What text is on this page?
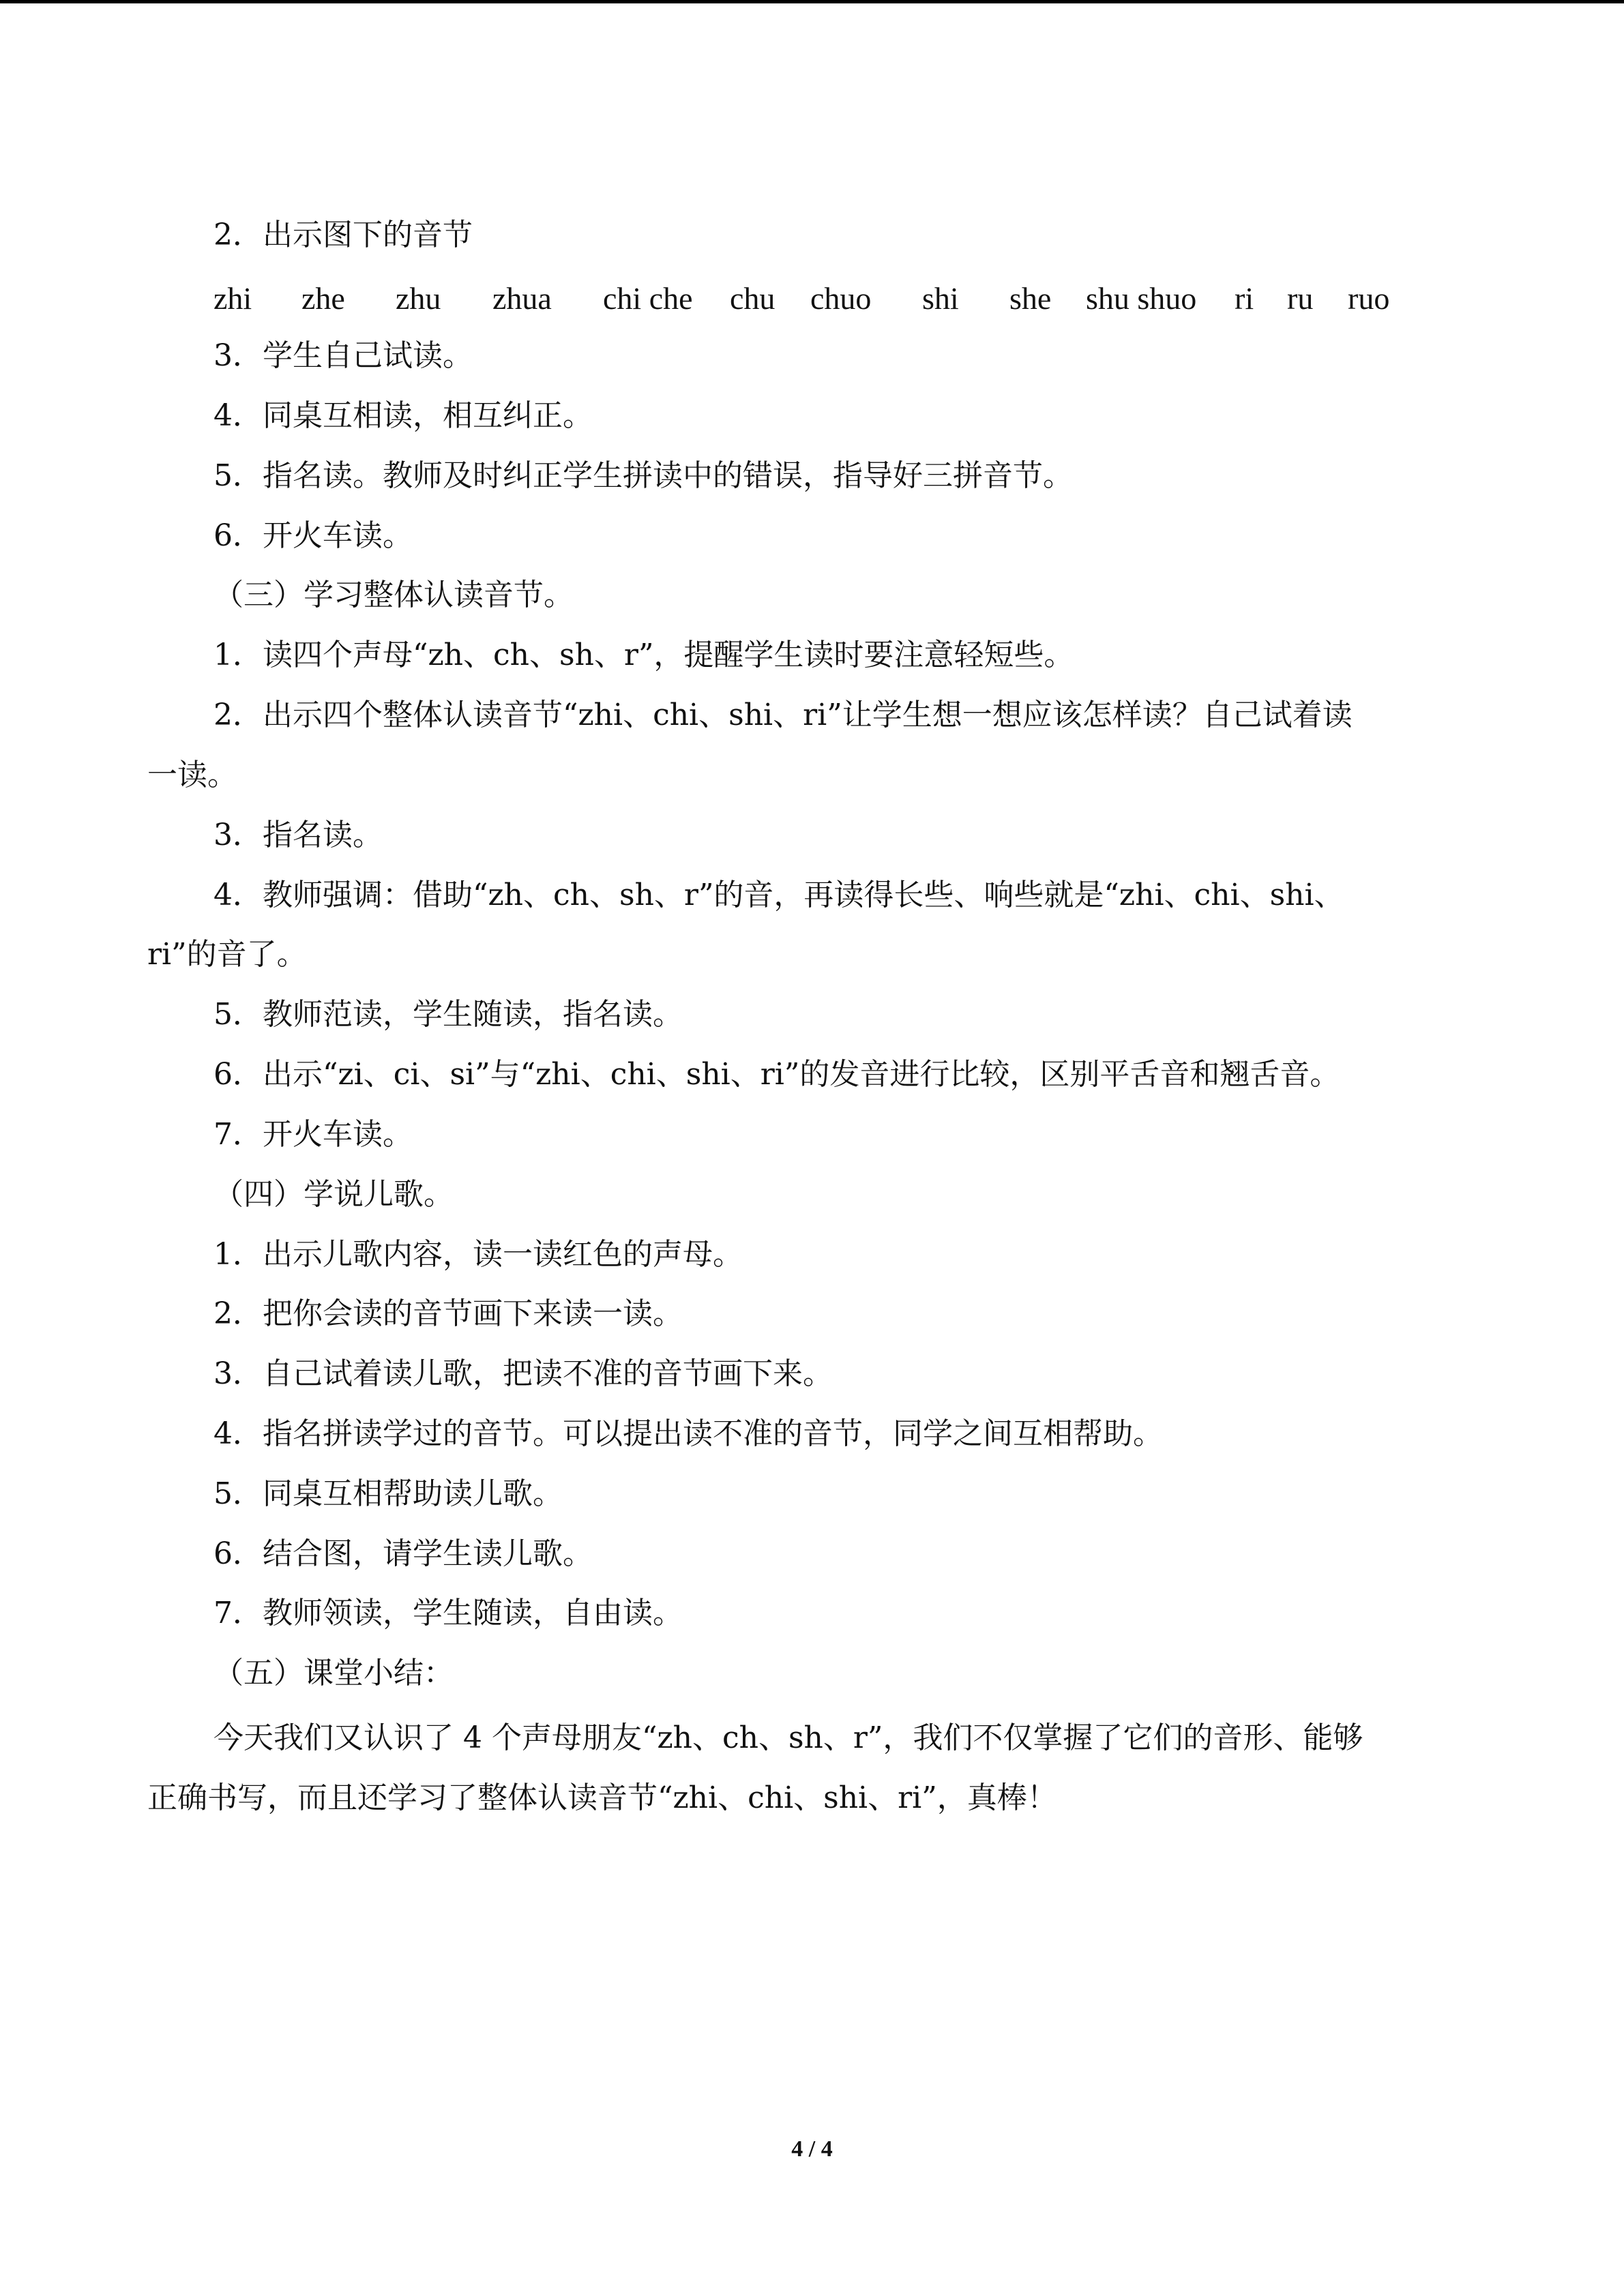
2．出示图下的音节
zhi zhe zhu zhua chi che chu chuo shi she shu shuo ri ru ruo
3．学生自己试读。
4．同桌互相读，相互纠正。
5．指名读。教师及时纠正学生拼读中的错误，指导好三拼音节。
6．开火车读。
（三）学习整体认读音节。
1．读四个声母“zh、ch、sh、r”，提醒学生读时要注意轻短些。
2．出示四个整体认读音节“zhi、chi、shi、ri”让学生想一想应该怎样读？自己试着读
一读。
3．指名读。
4．教师强调：借助“zh、ch、sh、r”的音，再读得长些、响些就是“zhi、chi、shi、
ri”的音了。
5．教师范读，学生随读，指名读。
6．出示“zi、ci、si”与“zhi、chi、shi、ri”的发音进行比较，区别平舌音和翘舌音。
7．开火车读。
（四）学说儿歌。
1．出示儿歌内容，读一读红色的声母。
2．把你会读的音节画下来读一读。
3．自己试着读儿歌，把读不准的音节画下来。
4．指名拼读学过的音节。可以提出读不准的音节，同学之间互相帮助。
5．同桌互相帮助读儿歌。
6．结合图，请学生读儿歌。
7．教师领读，学生随读，自由读。
（五）课堂小结：
今天我们又认识了 4 个声母朋友“zh、ch、sh、r”，我们不仅掌握了它们的音形、能够
正确书写，而且还学习了整体认读音节“zhi、chi、shi、ri”，真棒！
4 / 4
